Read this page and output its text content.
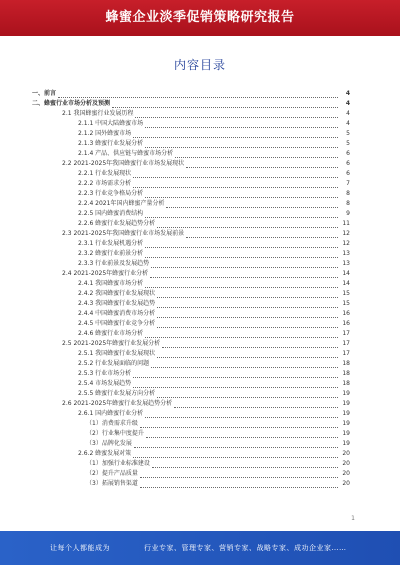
蜂蜜企业淡季促销策略研究报告
内容目录
一、前言	4
二、蜂蜜行业市场分析及预测	4
2.1 我国蜂蜜行业发展历程	4
2.1.1 中国大陆蜂蜜市场	4
2.1.2 国外蜂蜜市场	5
2.1.3 蜂蜜行业发展分析	5
2.1.4 产品、供应链与蜂蜜市场分析	6
2.2 2021-2025年我国蜂蜜行业市场发展现状	6
2.2.1 行业发展现状	6
2.2.2 市场需求分析	7
2.2.3 行业竞争格局分析	8
2.2.4 2021年国内蜂蜜产量分析	8
2.2.5 国内蜂蜜消费结构	9
2.2.6 蜂蜜行业发展趋势分析	11
2.3 2021-2025年我国蜂蜜行业市场发展前景	12
2.3.1 行业发展机遇分析	12
2.3.2 蜂蜜行业前景分析	13
2.3.3 行业前景及发展趋势	13
2.4 2021-2025年蜂蜜行业分析	14
2.4.1 我国蜂蜜市场分析	14
2.4.2 我国蜂蜜行业发展现状	15
2.4.3 我国蜂蜜行业发展趋势	15
2.4.4 中国蜂蜜消费市场分析	16
2.4.5 中国蜂蜜行业竞争分析	16
2.4.6 蜂蜜行业市场分析	17
2.5 2021-2025年蜂蜜行业发展分析	17
2.5.1 我国蜂蜜行业发展现状	17
2.5.2 行业发展面临的问题	18
2.5.3 行业市场分析	18
2.5.4 市场发展趋势	18
2.5.5 蜂蜜行业发展方向分析	19
2.6 2021-2025年蜂蜜行业发展趋势分析	19
2.6.1 国内蜂蜜行业分析	19
（1）消费需求升级	19
（2）行业集中度提升	19
（3）品牌化发展	19
2.6.2 蜂蜜发展对策	20
（1）加强行业标准建设	20
（2）提升产品质量	20
（3）拓展销售渠道	20
1
让每个人都能成为	行业专家、管理专家、营销专家、战略专家、成功企业家……
